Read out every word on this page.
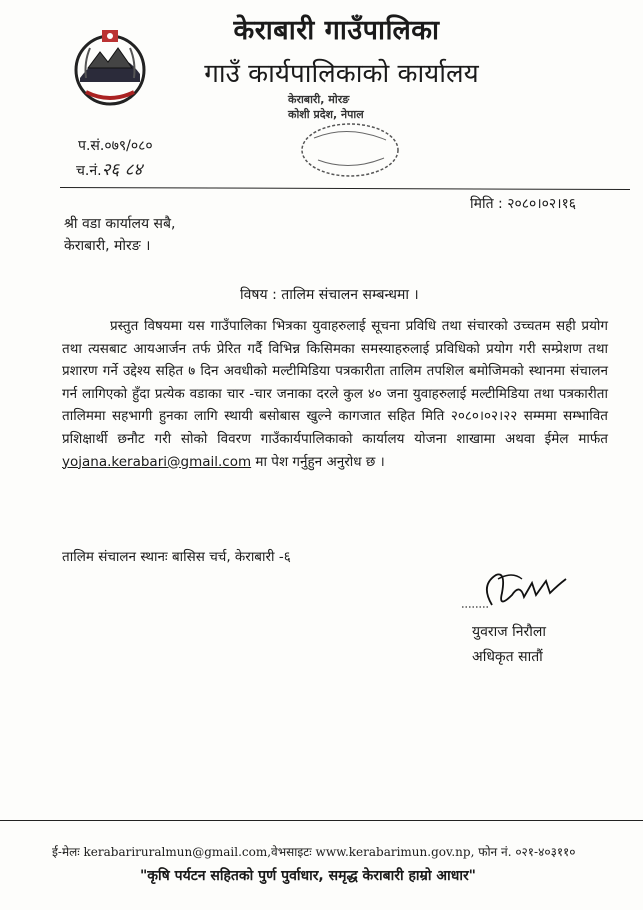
केराबारी गाउँपालिका
गाउँ कार्यपालिकाको कार्यालय
केराबारी, मोरङ
कोशी प्रदेश, नेपाल
प.सं.०७९/०८०
च.नं.२६ ८४
मिति : २०८०।०२।१६
श्री वडा कार्यालय सबै,
केराबारी, मोरङ ।
विषय : तालिम संचालन सम्बन्धमा ।

प्रस्तुत विषयमा यस गाउँपालिका भित्रका युवाहरुलाई सूचना प्रविधि तथा संचारको उच्चतम सही प्रयोग तथा त्यसबाट आयआर्जन तर्फ प्रेरित गर्दै विभिन्न किसिमका समस्याहरुलाई प्रविधिको प्रयोग गरी सम्प्रेशण तथा प्रशारण गर्ने उद्देश्य सहित ७ दिन अवधीको मल्टीमिडिया पत्रकारीता तालिम तपशिल बमोजिमको स्थानमा संचालन गर्न लागिएको हुँदा प्रत्येक वडाका चार -चार जनाका दरले कुल ४० जना युवाहरुलाई मल्टीमिडिया तथा पत्रकारीता तालिममा सहभागी हुनका लागि स्थायी बसोबास खुल्ने कागजात सहित मिति २०८०।०२।२२ सम्ममा सम्भावित प्रशिक्षार्थी छनौट गरी सोको विवरण गाउँकार्यपालिकाको कार्यालय योजना शाखामा अथवा ईमेल मार्फत yojana.kerabari@gmail.com मा पेश गर्नुहुन अनुरोध छ ।

तालिम संचालन स्थानः बासिस चर्च, केराबारी -६
युवराज निरौला
अधिकृत सातौं
ई-मेलः kerabariruralmun@gmail.com,वेभसाइटः www.kerabarimun.gov.np, फोन नं. ०२१-४०३११०
"कृषि पर्यटन सहितको पुर्ण पुर्वाधार, समृद्ध केराबारी हाम्रो आधार"
